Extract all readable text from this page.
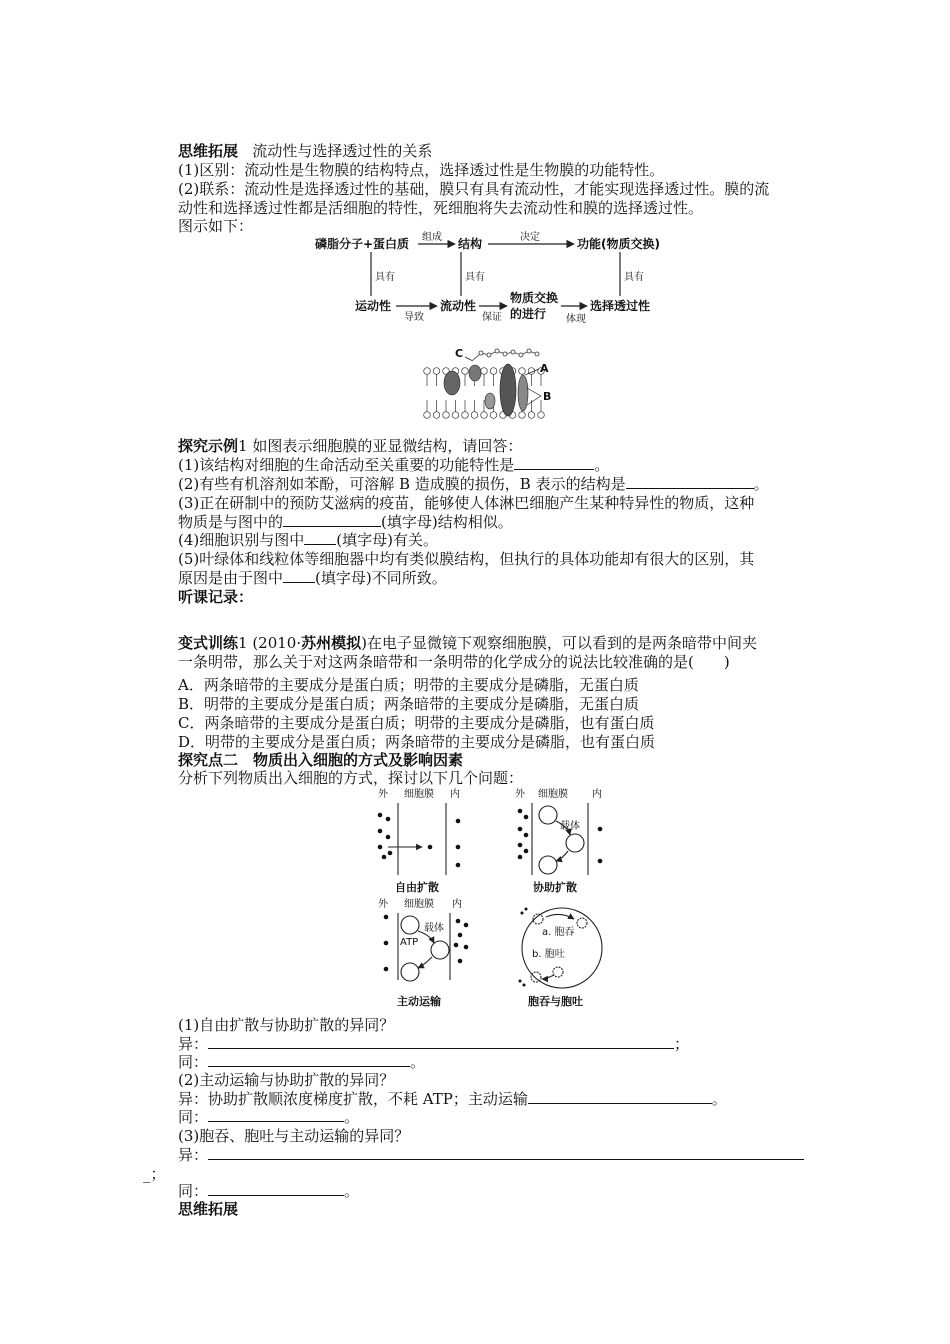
思维拓展 流动性与选择透过性的关系
(1)区别：流动性是生物膜的结构特点，选择透过性是生物膜的功能特性。
(2)联系：流动性是选择透过性的基础，膜只有具有流动性，才能实现选择透过性。膜的流
动性和选择透过性都是活细胞的特性，死细胞将失去流动性和膜的选择透过性。
图示如下：
磷脂分子+蛋白质	结构	功能(物质交换)
运动性	流动性
物质交换
的进行
选择透过性
组成	决定
具有	具有	具有
导致	保证	体现
C
A
B
探究示例1 如图表示细胞膜的亚显微结构，请回答：
(1)该结构对细胞的生命活动至关重要的功能特性是	。
(2)有些有机溶剂如苯酚，可溶解 B 造成膜的损伤，B 表示的结构是	。
(3)正在研制中的预防艾滋病的疫苗，能够使人体淋巴细胞产生某种特异性的物质，这种
物质是与图中的	(填字母)结构相似。
(4)细胞识别与图中 (填字母)有关。
(5)叶绿体和线粒体等细胞器中均有类似膜结构，但执行的具体功能却有很大的区别，其
原因是由于图中 (填字母)不同所致。
听课记录：
变式训练1 (2010·苏州模拟)在电子显微镜下观察细胞膜，可以看到的是两条暗带中间夹
一条明带，那么关于对这两条暗带和一条明带的化学成分的说法比较准确的是(　　)
A．两条暗带的主要成分是蛋白质；明带的主要成分是磷脂，无蛋白质
B．明带的主要成分是蛋白质；两条暗带的主要成分是磷脂，无蛋白质
C．两条暗带的主要成分是蛋白质；明带的主要成分是磷脂，也有蛋白质
D．明带的主要成分是蛋白质；两条暗带的主要成分是磷脂，也有蛋白质
探究点二　物质出入细胞的方式及影响因素
分析下列物质出入细胞的方式，探讨以下几个问题：
外 细胞膜 内	外 细胞膜 内
载体
外 细胞膜 内
载体
ATP
a. 胞吞
b. 胞吐
自由扩散	协助扩散
主动运输	胞吞与胞吐
(1)自由扩散与协助扩散的异同？
异：	；
同：	。
(2)主动运输与协助扩散的异同？
异：协助扩散顺浓度梯度扩散，不耗 ATP；主动运输	。
同：	。
(3)胞吞、胞吐与主动运输的异同？
异：
_；
同：	。
思维拓展
